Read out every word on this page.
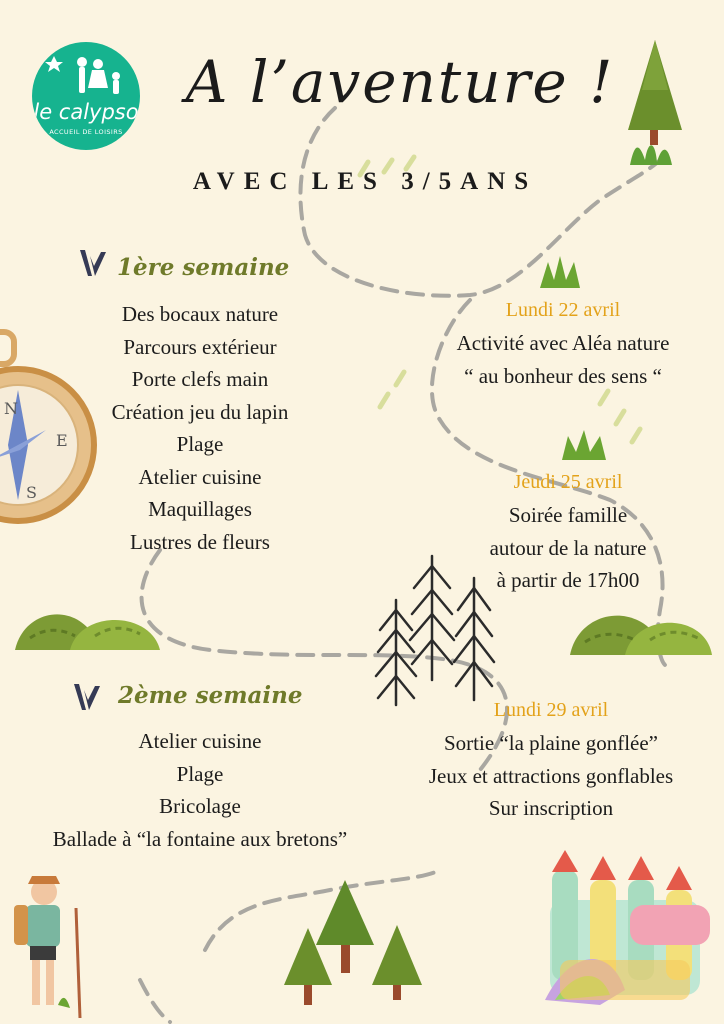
N
E
S
le calypso
ACCUEIL DE LOISIRS
A l’aventure !
AVEC LES 3/5ANS
1ère semaine
Des bocaux nature
Parcours extérieur
Porte clefs main
Création jeu du lapin
Plage
Atelier cuisine
Maquillages
Lustres de fleurs
2ème semaine
Atelier cuisine
Plage
Bricolage
Ballade à “la fontaine aux bretons”
Lundi 22 avril
Activité avec Aléa nature
“ au bonheur des sens “
Jeudi 25 avril
Soirée famille
autour de la nature
à partir de 17h00
Lundi 29 avril
Sortie “la plaine gonflée”
Jeux et attractions gonflables
Sur inscription
